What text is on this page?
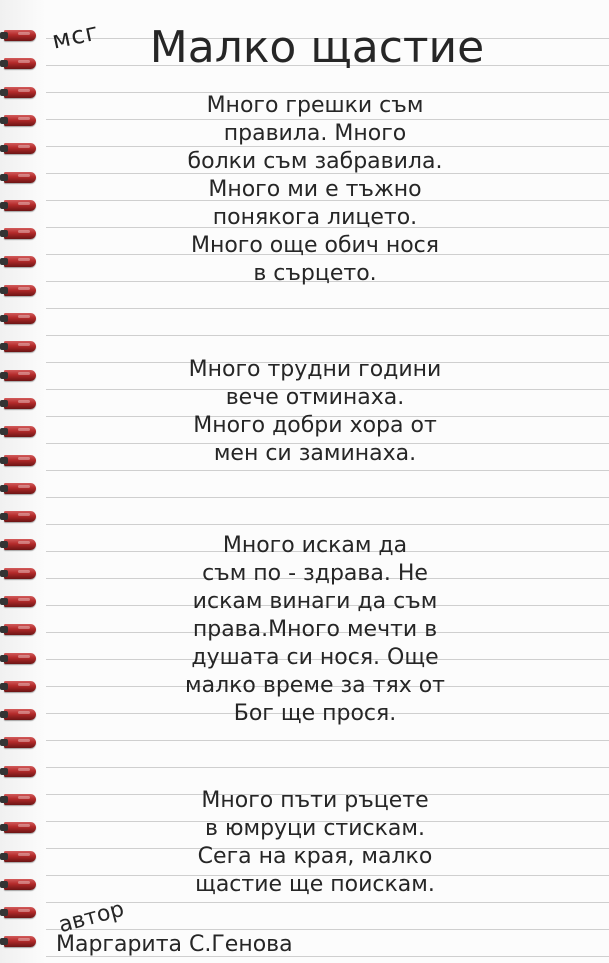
мсг	Малко щастие

Много грешки съм

правила. Много

болки съм забравила.

Много ми е тъжно

понякога лицето.

Много още обич нося

в сърцето.

Много трудни години

вече отминаха.

Много добри хора от

мен си заминаха.

Много искам да

съм по - здрава. Не

искам винаги да съм

права.Много мечти в

душата си нося. Още

малко време за тях от

Бог ще прося.

Много пъти ръцете

в юмруци стискам.

Сега на края, малко

щастие ще поискам.

автор
Маргарита С.Генова
